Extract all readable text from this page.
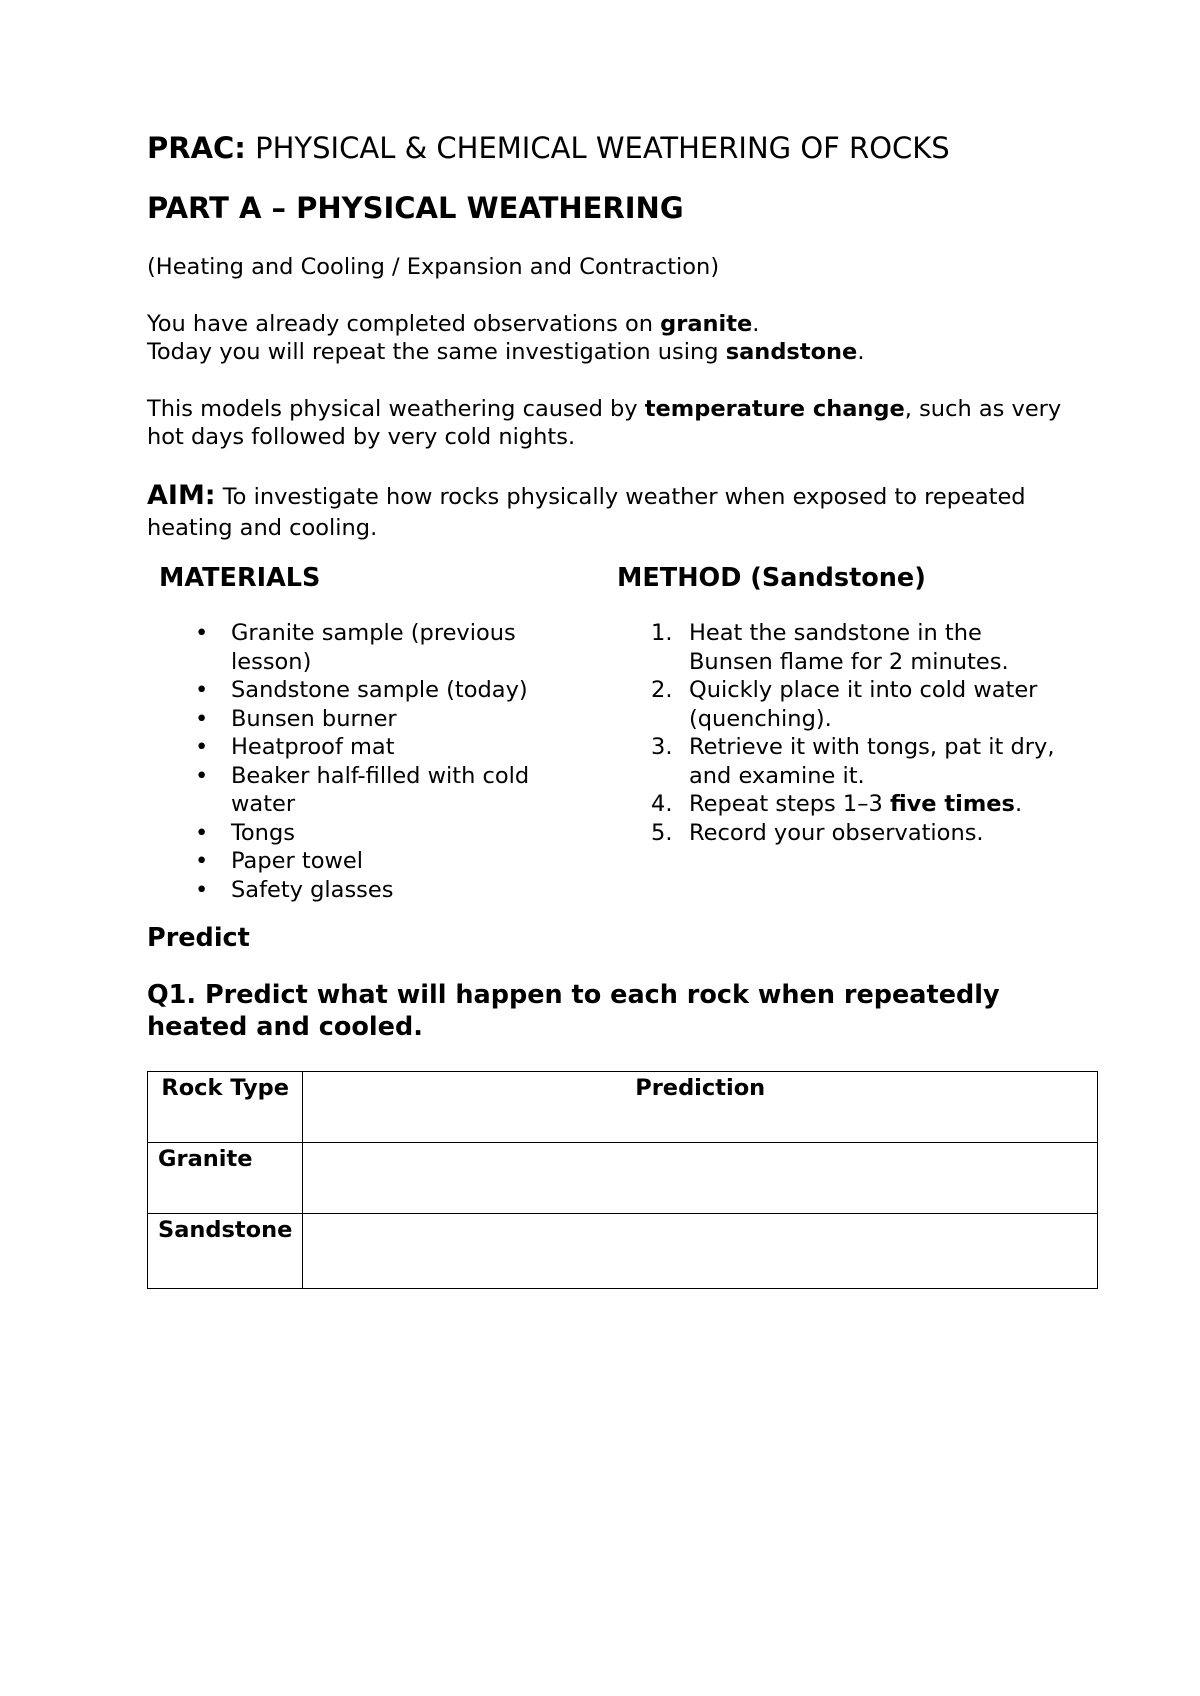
PRAC: PHYSICAL & CHEMICAL WEATHERING OF ROCKS
PART A – PHYSICAL WEATHERING

(Heating and Cooling / Expansion and Contraction)

You have already completed observations on granite.
Today you will repeat the same investigation using sandstone.

This models physical weathering caused by temperature change, such as very hot days followed by very cold nights.

AIM: To investigate how rocks physically weather when exposed to repeated heating and cooling.

MATERIALS
• Granite sample (previous lesson)
• Sandstone sample (today)
• Bunsen burner
• Heatproof mat
• Beaker half-filled with cold water
• Tongs
• Paper towel
• Safety glasses
METHOD (Sandstone)
1. Heat the sandstone in the Bunsen flame for 2 minutes.
2. Quickly place it into cold water (quenching).
3. Retrieve it with tongs, pat it dry, and examine it.
4. Repeat steps 1–3 five times.
5. Record your observations.
Predict

Q1. Predict what will happen to each rock when repeatedly heated and cooled.

Rock Type	Prediction
Granite	
Sandstone	
